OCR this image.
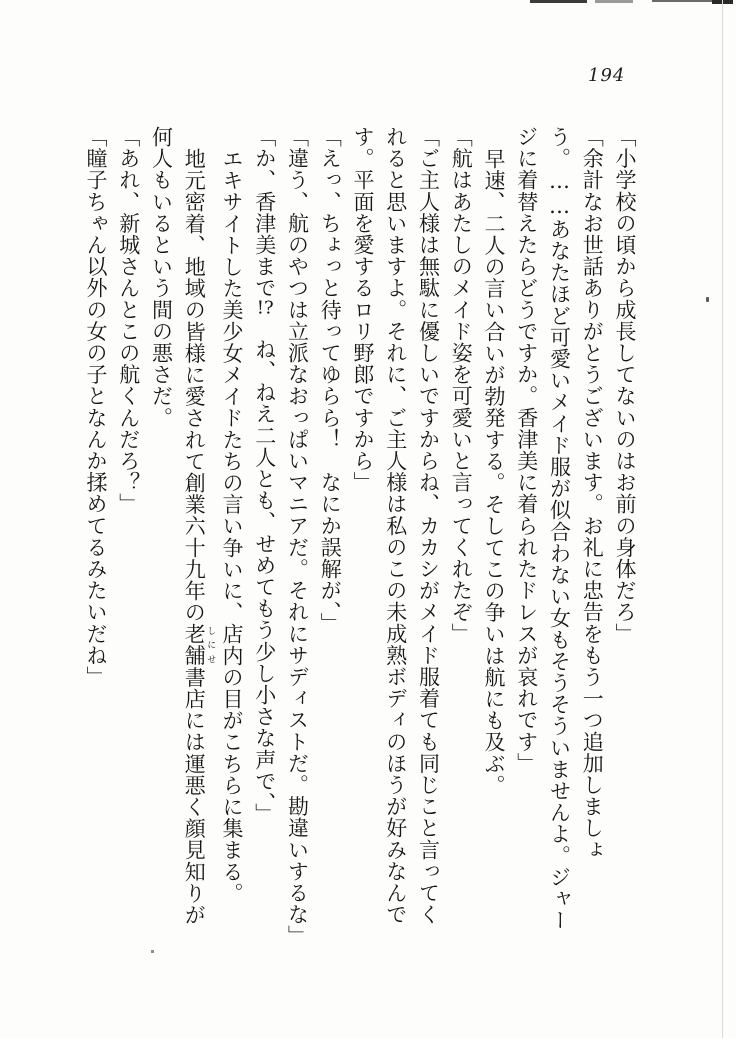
194

「小学校の頃から成長してないのはお前の身体だろ」

「余計なお世話ありがとうございます。お礼に忠告をもう一つ追加しましょう。……あなたほど可愛いメイド服が似合わない女もそうそういませんよ。ジャージに着替えたらどうですか。香津美に着られたドレスが哀れです」

早速、二人の言い合いが勃発する。そしてこの争いは航にも及ぶ。

「航はあたしのメイド姿を可愛いと言ってくれたぞ」

「ご主人様は無駄に優しいですからね、カカシがメイド服着ても同じこと言ってくれると思いますよ。それに、ご主人様は私のこの未成熟ボディのほうが好みなんです。平面を愛するロリ野郎ですから」

「えっ、ちょっと待ってゆらら！　なにか誤解が、」

「違う、航のやつは立派なおっぱいマニアだ。それにサディストだ。勘違いするな」

「か、香津美まで!?　ね、ねえ二人とも、せめてもう少し小さな声で、」

エキサイトした美少女メイドたちの言い争いに、店内の目がこちらに集まる。

地元密着、地域の皆様に愛されて創業六十九年の老舗 しにせ書店には運悪く顔見知りが何人もいるという間の悪さだ。

「あれ、新城さんとこの航くんだろ？」

「瞳子ちゃん以外の女の子となんか揉めてるみたいだね」
